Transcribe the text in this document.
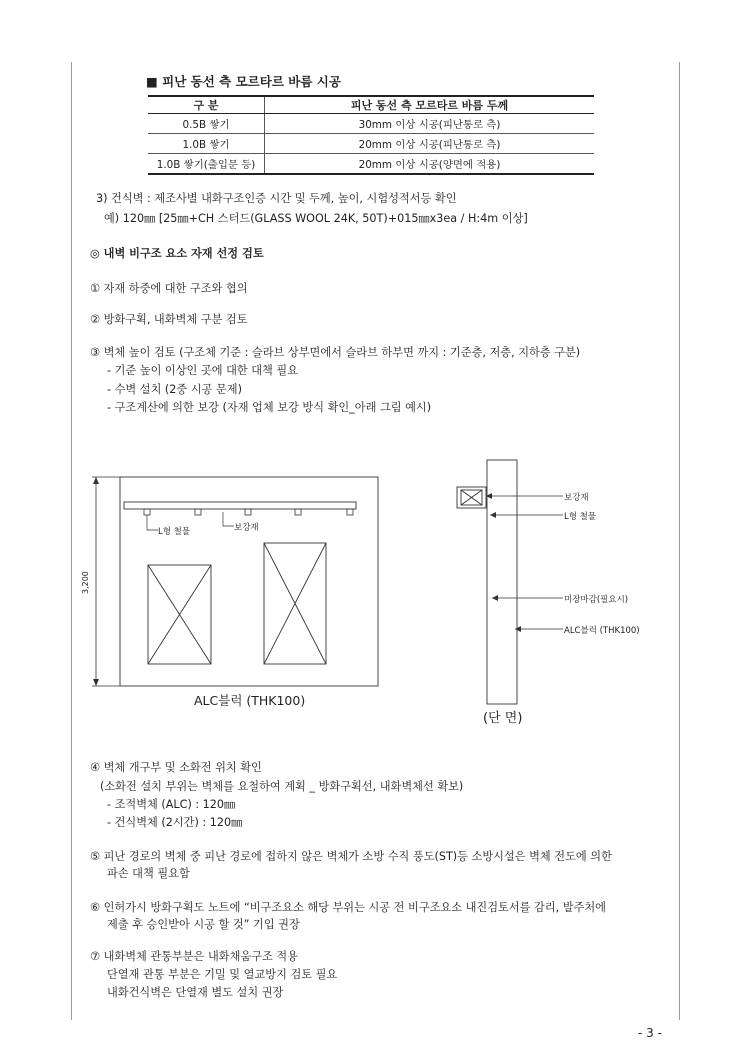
■ 피난 동선 측 모르타르 바름 시공
구 분	피난 동선 측 모르타르 바름 두께
0.5B 쌓기	30mm 이상 시공(피난통로 측)
1.0B 쌓기	20mm 이상 시공(피난통로 측)
1.0B 쌓기(출입문 등)	20mm 이상 시공(양면에 적용)
3) 건식벽 : 제조사별 내화구조인증 시간 및 두께, 높이, 시험성적서등 확인
예) 120㎜ [25㎜+CH 스터드(GLASS WOOL 24K, 50T)+015㎜x3ea / H:4m 이상]
◎ 내벽 비구조 요소 자재 선정 검토
① 자재 하중에 대한 구조와 협의
② 방화구획, 내화벽체 구분 검토
③ 벽체 높이 검토 (구조체 기준 : 슬라브 상부면에서 슬라브 하부면 까지 : 기준층, 저층, 지하층 구분)
- 기준 높이 이상인 곳에 대한 대책 필요
- 수벽 설치 (2중 시공 문제)
- 구조계산에 의한 보강 (자재 업체 보강 방식 확인_아래 그림 예시)
3,200
L형 철물	보강재
ALC블럭 (THK100)
보강재
L형 철물
미장마감(필요시)
ALC블럭 (THK100)
(단 면)
④ 벽체 개구부 및 소화전 위치 확인
(소화전 설치 부위는 벽체를 요철하여 계획 _ 방화구획선, 내화벽체선 확보)
- 조적벽체 (ALC) : 120㎜
- 건식벽체 (2시간) : 120㎜
⑤ 피난 경로의 벽체 중 피난 경로에 접하지 않은 벽체가 소방 수직 풍도(ST)등 소방시설은 벽체 전도에 의한
파손 대책 필요함
⑥ 인허가시 방화구획도 노트에 “비구조요소 해당 부위는 시공 전 비구조요소 내진검토서를 감리, 발주처에
제출 후 승인받아 시공 할 것” 기입 권장
⑦ 내화벽체 관통부분은 내화채움구조 적용
단열재 관통 부분은 기밀 및 열교방지 검토 필요
내화건식벽은 단열재 별도 설치 권장
- 3 -
